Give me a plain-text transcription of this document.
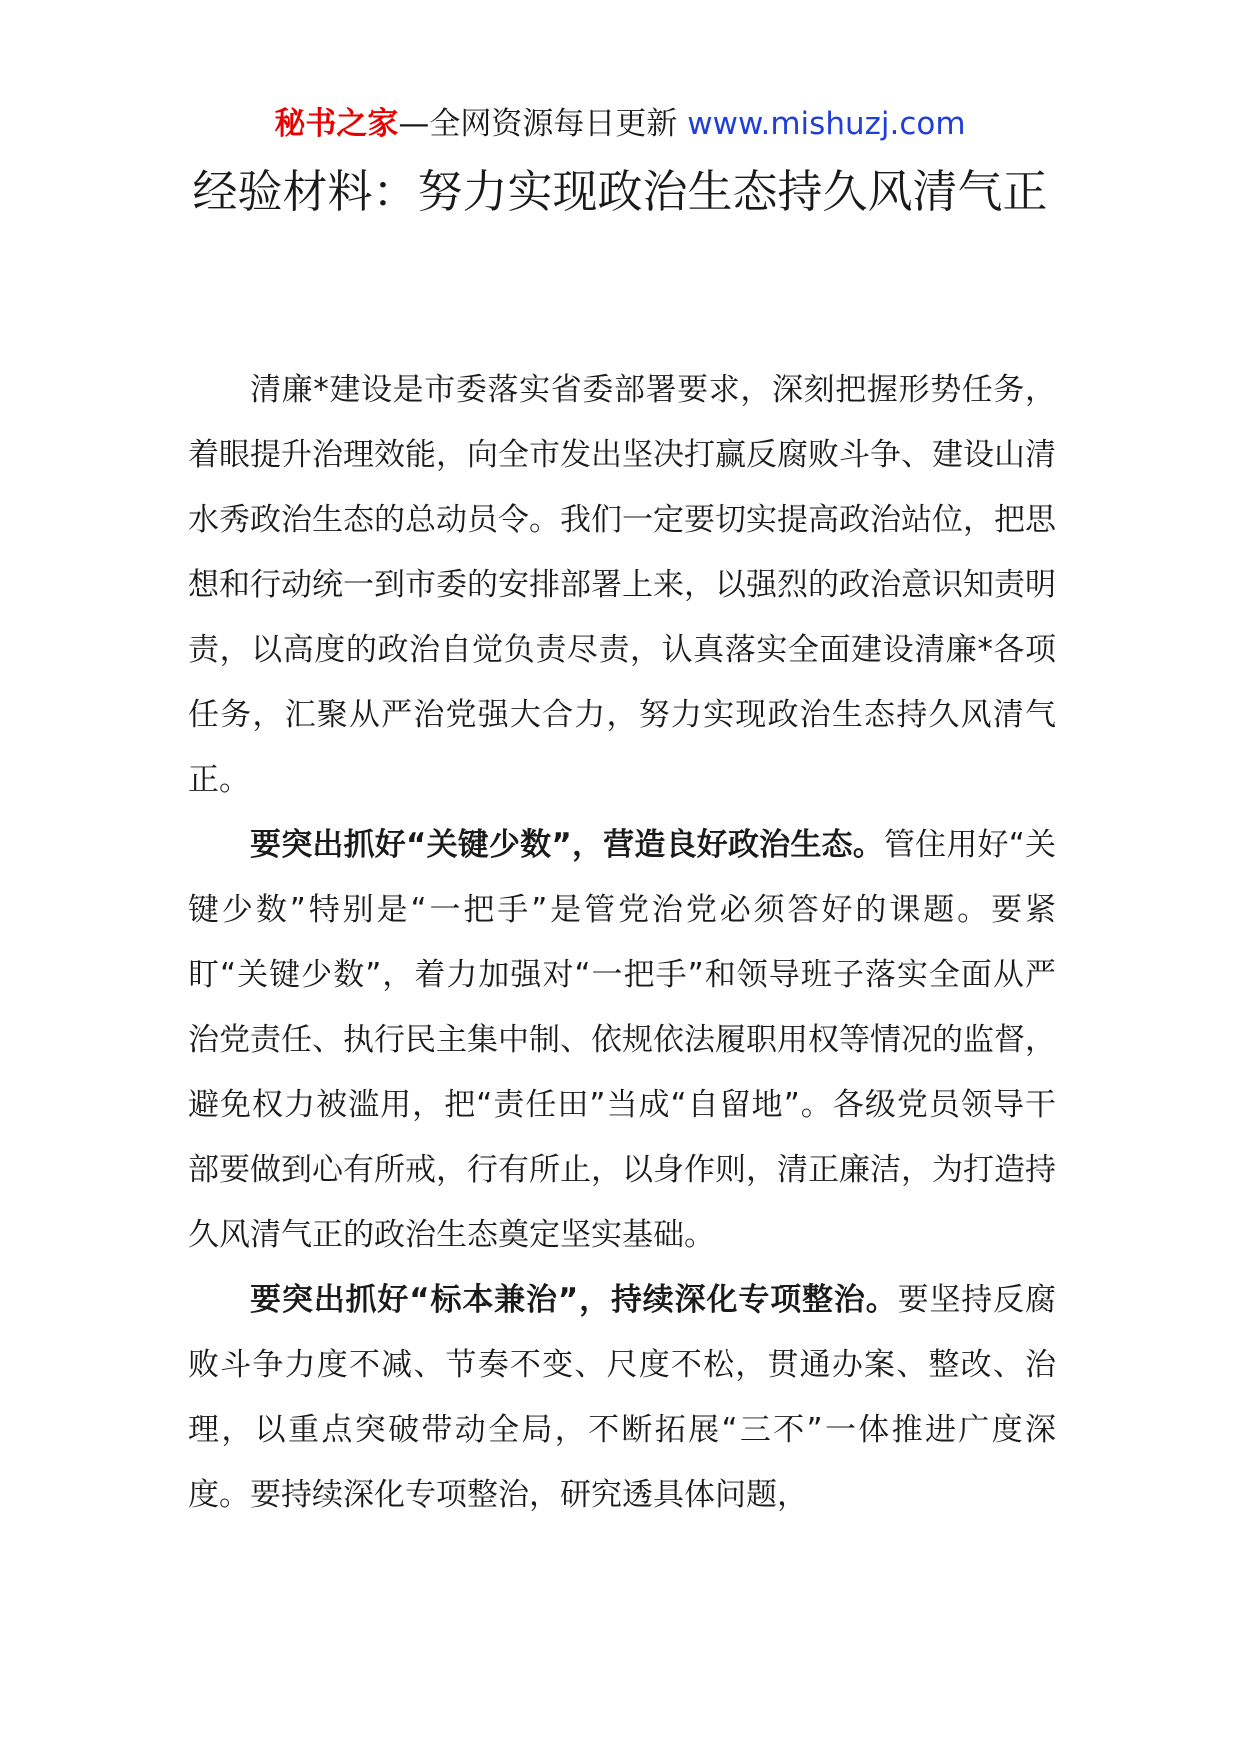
秘书之家—全网资源每日更新 www.mishuzj.com
经验材料：努力实现政治生态持久风清气正

清廉*建设是市委落实省委部署要求，深刻把握形势任务，着眼提升治理效能，向全市发出坚决打赢反腐败斗争、建设山清水秀政治生态的总动员令。我们一定要切实提高政治站位，把思想和行动统一到市委的安排部署上来，以强烈的政治意识知责明责，以高度的政治自觉负责尽责，认真落实全面建设清廉*各项任务，汇聚从严治党强大合力，努力实现政治生态持久风清气正。

要突出抓好“关键少数”，营造良好政治生态。管住用好“关键少数”特别是“一把手”是管党治党必须答好的课题。要紧盯“关键少数”，着力加强对“一把手”和领导班子落实全面从严治党责任、执行民主集中制、依规依法履职用权等情况的监督，避免权力被滥用，把“责任田”当成“自留地”。各级党员领导干部要做到心有所戒，行有所止，以身作则，清正廉洁，为打造持久风清气正的政治生态奠定坚实基础。

要突出抓好“标本兼治”，持续深化专项整治。要坚持反腐败斗争力度不减、节奏不变、尺度不松，贯通办案、整改、治理，以重点突破带动全局，不断拓展“三不”一体推进广度深度。要持续深化专项整治，研究透具体问题，
